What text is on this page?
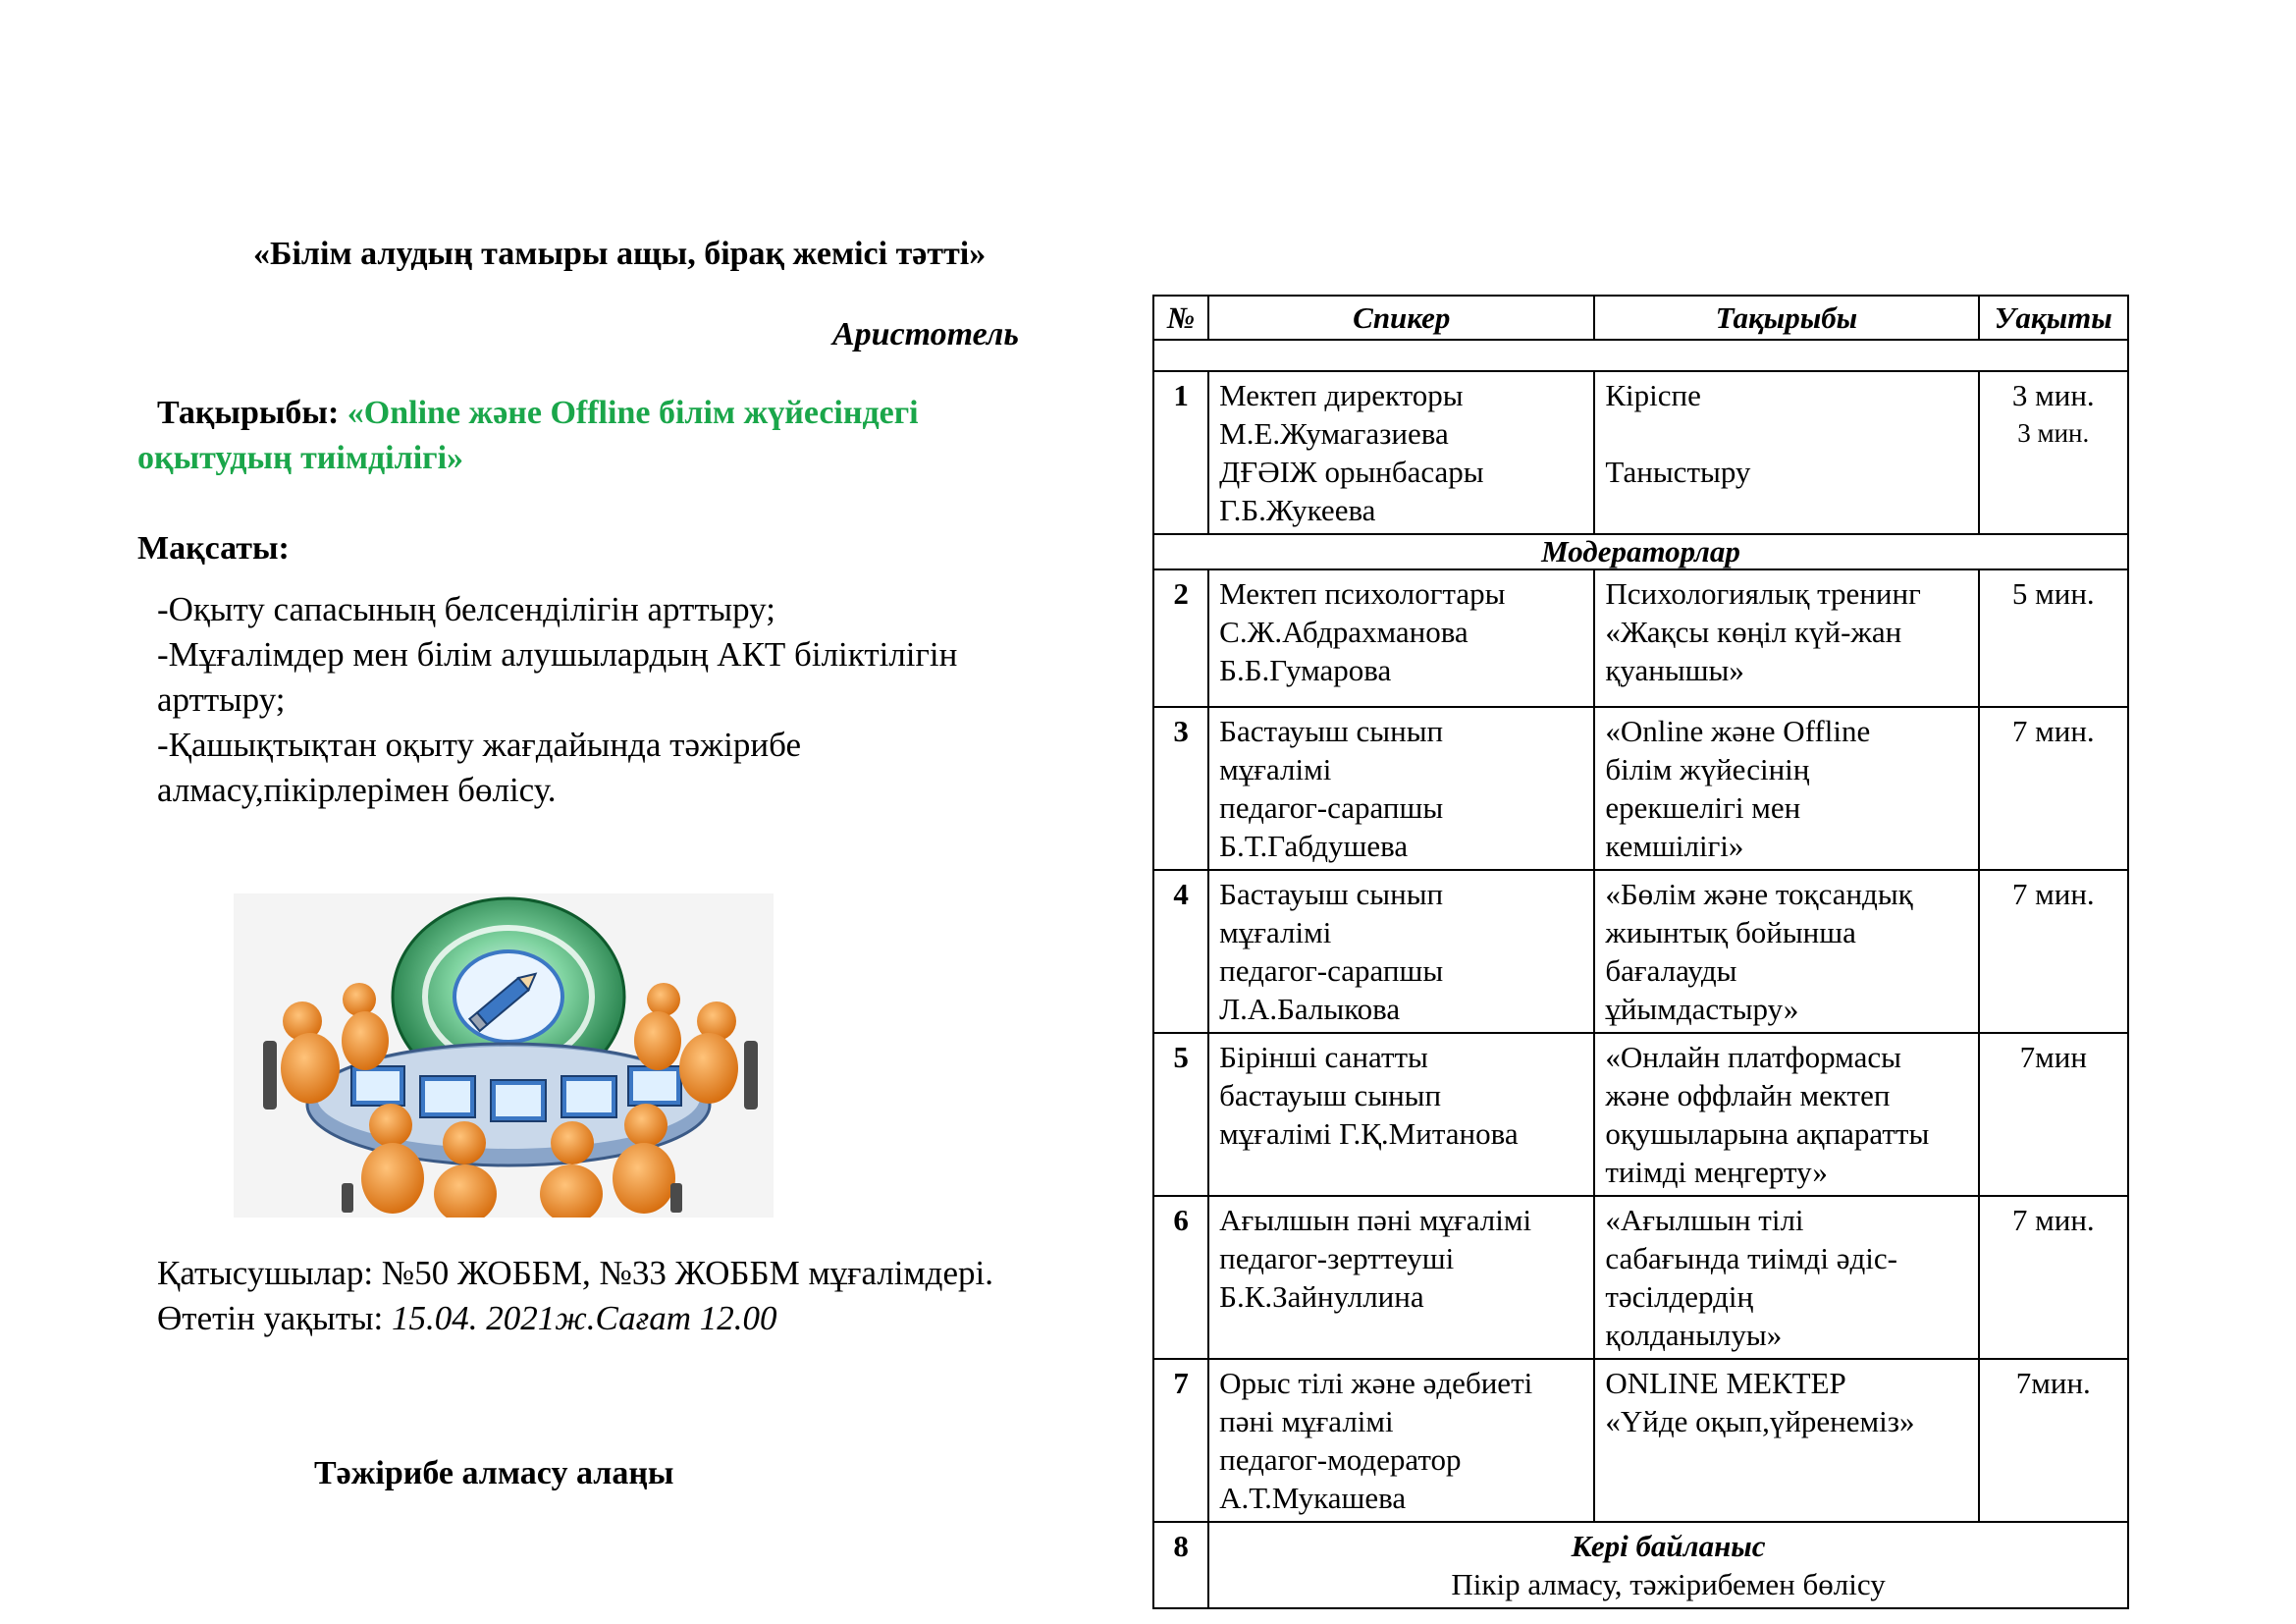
«Білім алудың тамыры ащы, бірақ жемісі тәтті»
Аристотель
Тақырыбы: «Online және Offline білім жүйесіндегі
оқытудың тиімділігі»
Мақсаты:
-Оқыту сапасының белсенділігін арттыру;
-Мұғалімдер мен білім алушылардың АКТ біліктілігін
арттыру;
-Қашықтықтан оқыту жағдайында тәжірибе
алмасу,пікірлерімен бөлісу.
Қатысушылар: №50 ЖОББМ, №33 ЖОББМ мұғалімдері.
Өтетін уақыты: 15.04. 2021ж.Сағат 12.00
Тәжірибе алмасу алаңы
№	Спикер	Тақырыбы	Уақыты

1	Мектеп директоры
М.Е.Жумагазиева
ДҒӘІЖ орынбасары
Г.Б.Жукеева	Кіріспе
Таныстыру	3 мин.
3 мин.

Модераторлар			
2	Мектеп психологтары
С.Ж.Абдрахманова
Б.Б.Гумарова	Психологиялық тренинг
«Жақсы көңіл күй-жан
қуанышы»	5 мин.

3	Бастауыш сынып
мұғалімі
педагог-сарапшы
Б.Т.Габдушева	«Online және Offline
білім жүйесінің
ерекшелігі мен
кемшілігі»	7 мин.

4	Бастауыш сынып
мұғалімі
педагог-сарапшы
Л.А.Балыкова	«Бөлім және тоқсандық
жиынтық бойынша
бағалауды
ұйымдастыру»	7 мин.

5	Бірінші санатты
бастауыш сынып
мұғалімі Г.Қ.Митанова	«Онлайн платформасы
және оффлайн мектеп
оқушыларына ақпаратты
тиімді меңгерту»	7мин

6	Ағылшын пәні мұғалімі
педагог-зерттеуші
Б.К.Зайнуллина	«Ағылшын тілі
сабағында тиімді әдіс-
тәсілдердің
қолданылуы»	7 мин.

7	Орыс тілі және әдебиеті
пәні мұғалімі
педагог-модератор
А.Т.Мукашева	ONLINE МЕКТЕР
«Үйде оқып,үйренеміз»	7мин.

8	Кері байланыс
Пікір алмасу, тәжірибемен бөлісу		
